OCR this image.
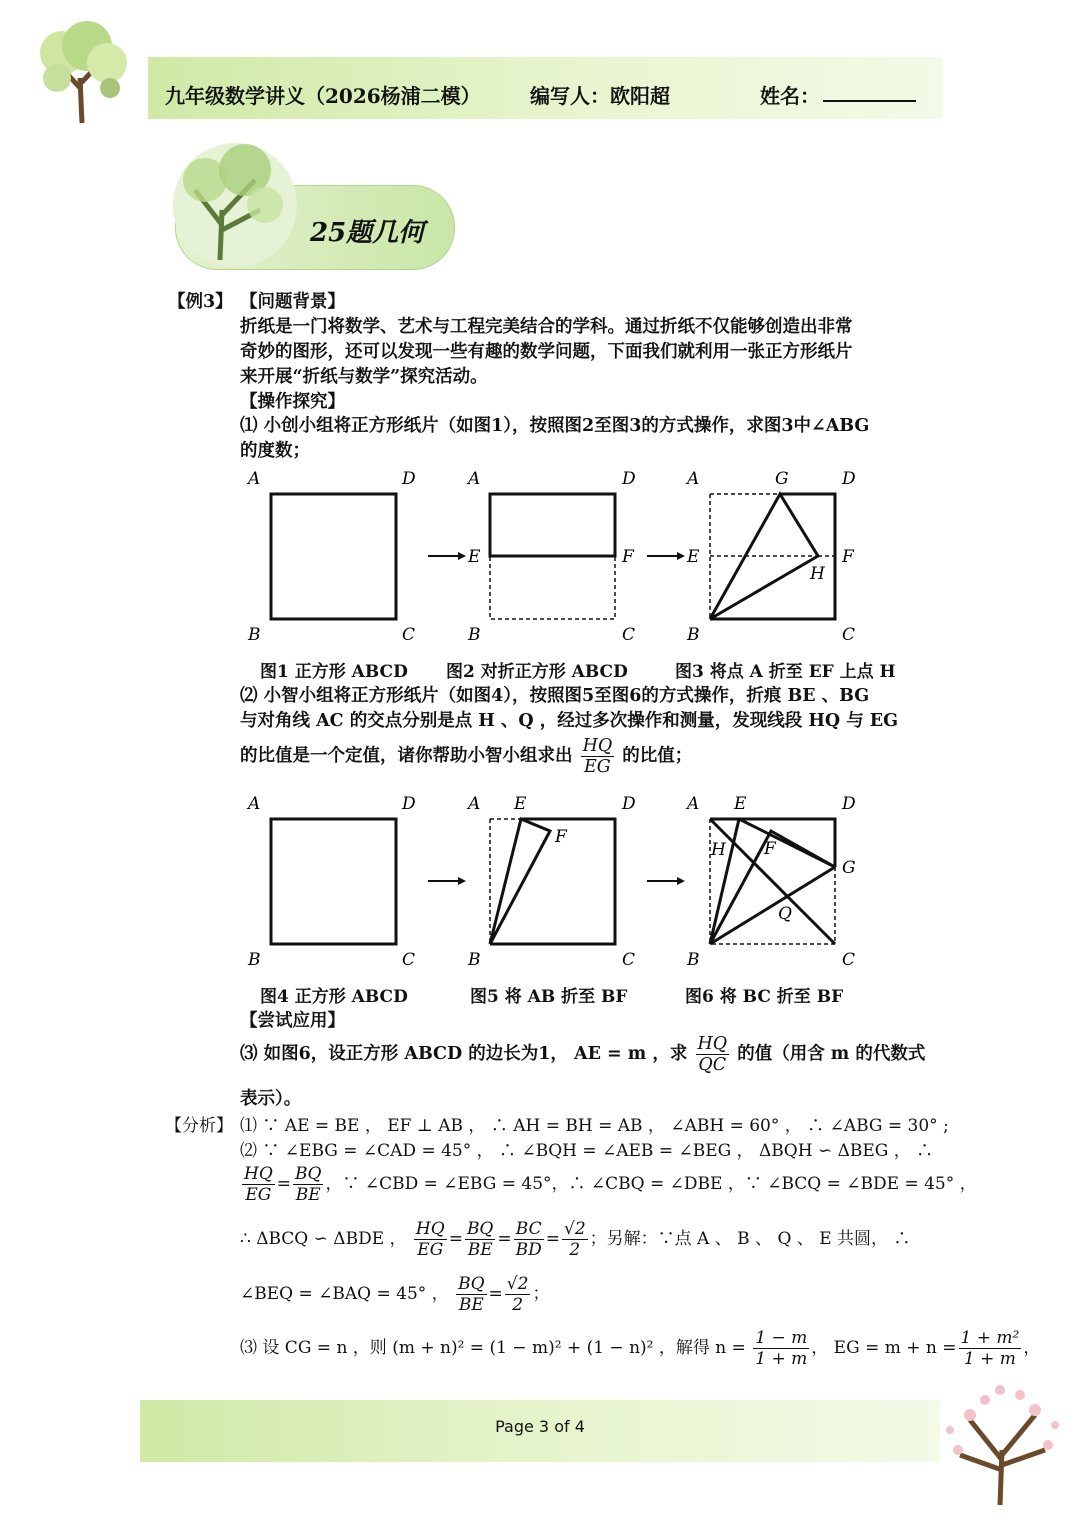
九年级数学讲义（2026杨浦二模） 编写人：欧阳超	姓名：
25题几何
【例3】 【问题背景】
折纸是一门将数学、艺术与工程完美结合的学科。通过折纸不仅能够创造出非常
奇妙的图形，还可以发现一些有趣的数学问题，下面我们就利用一张正方形纸片
来开展“折纸与数学”探究活动。
【操作探究】
⑴ 小创小组将正方形纸片（如图1），按照图2至图3的方式操作，求图3中∠ABG
的度数；
A	D
B	C
A	D
E	F
B	C
A	G	D
E	F
H
B	C
图1 正方形 ABCD 图2 对折正方形 ABCD	图3 将点 A 折至 EF 上点 H
⑵ 小智小组将正方形纸片（如图4），按照图5至图6的方式操作，折痕 BE 、BG
与对角线 AC 的交点分别是点 H 、Q ，经过多次操作和测量，发现线段 HQ 与 EG
的比值是一个定值，诸你帮助小智小组求出 $\frac{HQ}{EG}$ 的比值；
A	D
B	C
A E	D
F
B	C
A E	D
H F
G
Q
B	C
图4 正方形 ABCD	图5 将 AB 折至 BF	图6 将 BC 折至 BF
【尝试应用】
⑶ 如图6，设正方形 ABCD 的边长为1， AE = m ，求 $\frac{HQ}{QC}$ 的值（用含 m 的代数式
表示）。
【分析】 ⑴ ∵ AE = BE ， EF ⊥ AB ， ∴ AH = BH = AB ， ∠ABH = 60° ， ∴ ∠ABG = 30° ;
⑵ ∵ ∠EBG = ∠CAD = 45° ， ∴ ∠BQH = ∠AEB = ∠BEG ， ΔBQH ∽ ΔBEG ， ∴
$\frac{HQ}{EG} = \frac{BQ}{BE}$ ，∵ ∠CBD = ∠EBG = 45°，∴ ∠CBQ = ∠DBE ，∵ ∠BCQ = ∠BDE = 45° ，
∴ ΔBCQ ∽ ΔBDE ， $\frac{HQ}{EG} = \frac{BQ}{BE} = \frac{BC}{BD} = \frac{√2}{2}$ ；另解：∵点 A 、 B 、 Q 、 E 共圆， ∴
∠BEQ = ∠BAQ = 45° ， $\frac{BQ}{BE} = \frac{√2}{2}$ ；
⑶ 设 CG = n ，则 (m + n)² = (1 − m)² + (1 − n)² ，解得 $n = \frac{1 - m}{1 + m}$ ， EG = $m + n = \frac{\text{1 + m²}}{1 + m}$ ，
Page 3 of 4
